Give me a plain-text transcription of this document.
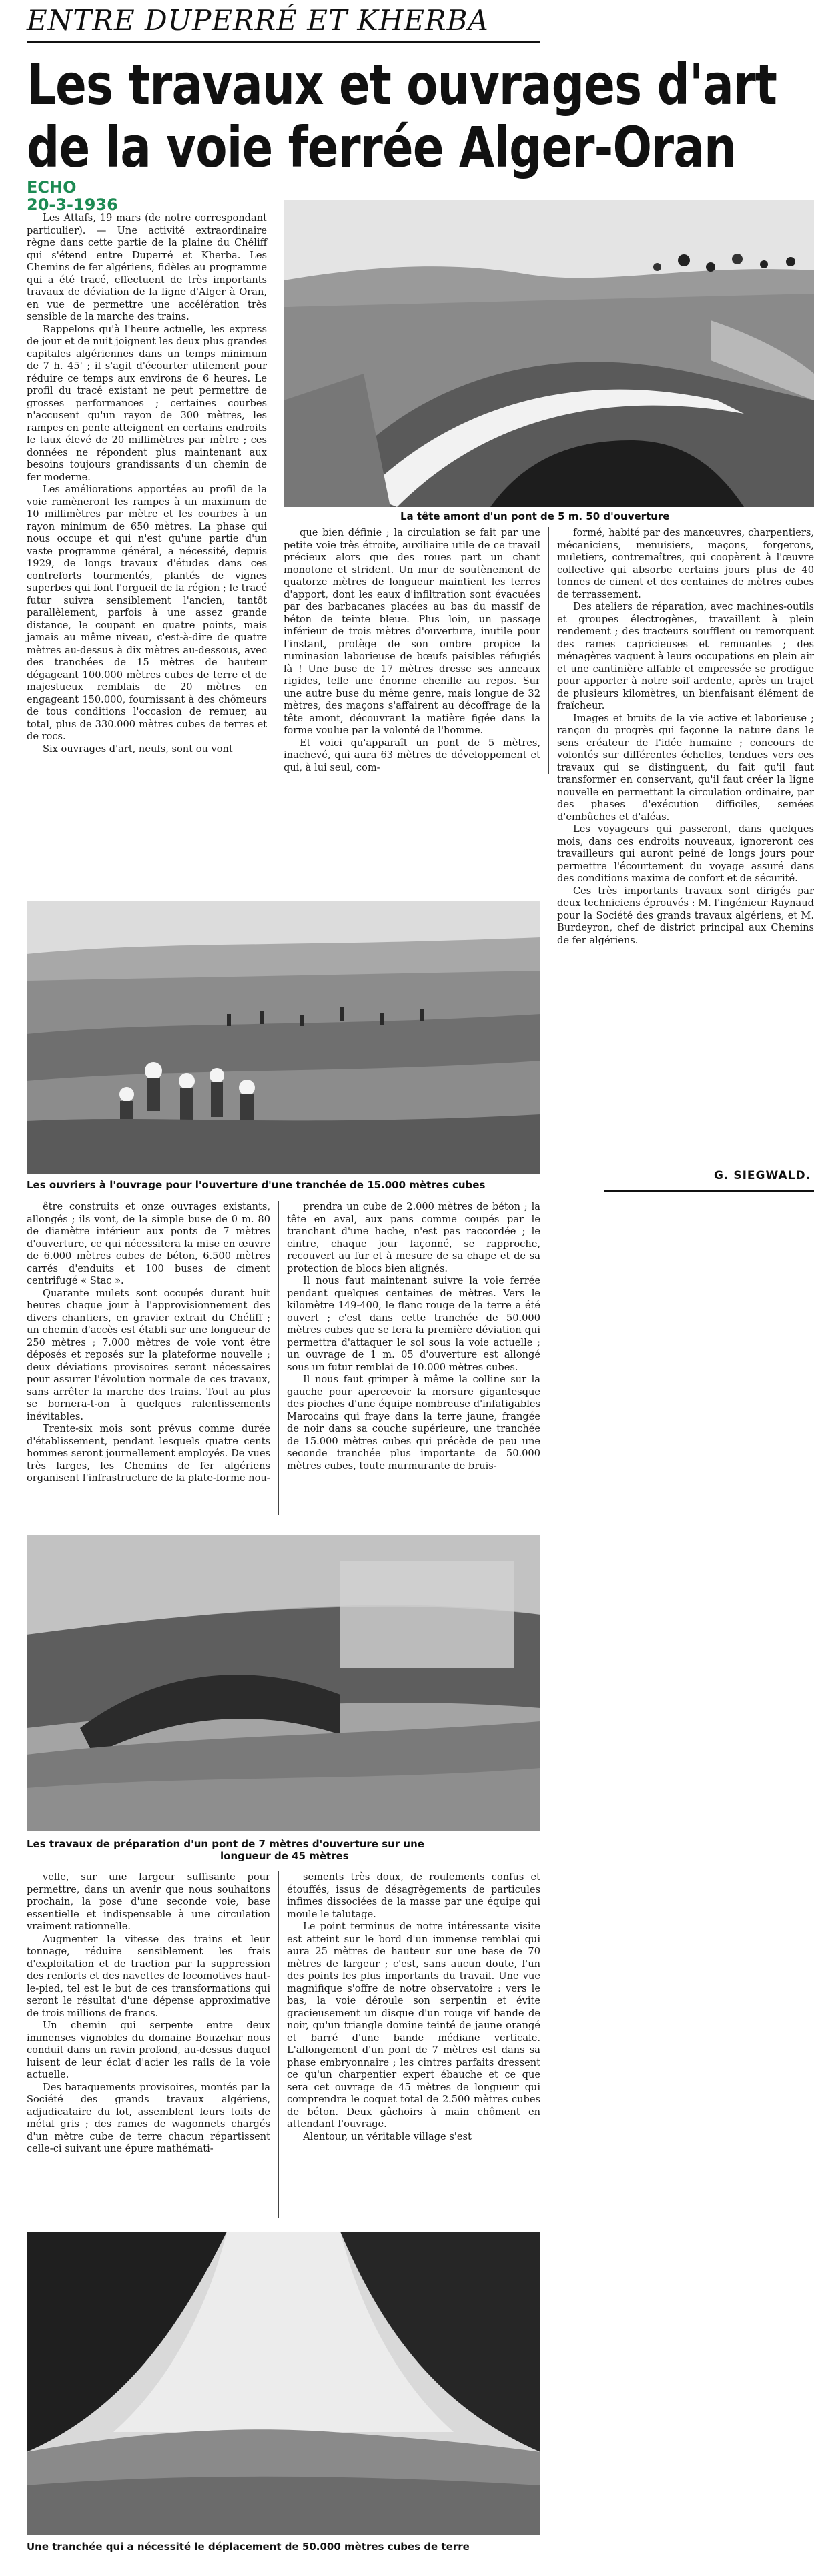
ENTRE DUPERRÉ ET KHERBA
Les travaux et ouvrages d'art
de la voie ferrée Alger-Oran
ECHO
20-3-1936

Les Attafs, 19 mars (de notre correspondant particulier). — Une activité extraordinaire règne dans cette partie de la plaine du Chéliff qui s'étend entre Duperré et Kherba. Les Chemins de fer algériens, fidèles au programme qui a été tracé, effectuent de très importants travaux de déviation de la ligne d'Alger à Oran, en vue de permettre une accélération très sensible de la marche des trains.

Rappelons qu'à l'heure actuelle, les express de jour et de nuit joignent les deux plus grandes capitales algériennes dans un temps minimum de 7 h. 45' ; il s'agit d'écourter utilement pour réduire ce temps aux environs de 6 heures. Le profil du tracé existant ne peut permettre de grosses performances ; certaines courbes n'accusent qu'un rayon de 300 mètres, les rampes en pente atteignent en certains endroits le taux élevé de 20 millimètres par mètre ; ces données ne répondent plus maintenant aux besoins toujours grandissants d'un chemin de fer moderne.

Les améliorations apportées au profil de la voie ramèneront les rampes à un maximum de 10 millimètres par mètre et les courbes à un rayon minimum de 650 mètres. La phase qui nous occupe et qui n'est qu'une partie d'un vaste programme général, a nécessité, depuis 1929, de longs travaux d'études dans ces contreforts tourmentés, plantés de vignes superbes qui font l'orgueil de la région ; le tracé futur suivra sensiblement l'ancien, tantôt parallèlement, parfois à une assez grande distance, le coupant en quatre points, mais jamais au même niveau, c'est-à-dire de quatre mètres au-dessus à dix mètres au-dessous, avec des tranchées de 15 mètres de hauteur dégageant 100.000 mètres cubes de terre et de majestueux remblais de 20 mètres en engageant 150.000, fournissant à des chômeurs de tous conditions l'occasion de remuer, au total, plus de 330.000 mètres cubes de terres et de rocs.

Six ouvrages d'art, neufs, sont ou vont

La tête amont d'un pont de 5 m. 50 d'ouverture

que bien définie ; la circulation se fait par une petite voie très étroite, auxiliaire utile de ce travail précieux alors que des roues part un chant monotone et strident. Un mur de soutènement de quatorze mètres de longueur maintient les terres d'apport, dont les eaux d'infiltration sont évacuées par des barbacanes placées au bas du massif de béton de teinte bleue. Plus loin, un passage inférieur de trois mètres d'ouverture, inutile pour l'instant, protège de son ombre propice la ruminasion laborieuse de bœufs paisibles réfugiés là ! Une buse de 17 mètres dresse ses anneaux rigides, telle une énorme chenille au repos. Sur une autre buse du même genre, mais longue de 32 mètres, des maçons s'affairent au décoffrage de la tête amont, découvrant la matière figée dans la forme voulue par la volonté de l'homme.

Et voici qu'apparaît un pont de 5 mètres, inachevé, qui aura 63 mètres de développement et qui, à lui seul, com-

formé, habité par des manœuvres, charpentiers, mécaniciens, menuisiers, maçons, forgerons, muletiers, contremaîtres, qui coopèrent à l'œuvre collective qui absorbe certains jours plus de 40 tonnes de ciment et des centaines de mètres cubes de terrassement.

Des ateliers de réparation, avec machines-outils et groupes électrogènes, travaillent à plein rendement ; des tracteurs soufflent ou remorquent des rames capricieuses et remuantes ; des ménagères vaquent à leurs occupations en plein air et une cantinière affable et empressée se prodigue pour apporter à notre soif ardente, après un trajet de plusieurs kilomètres, un bienfaisant élément de fraîcheur.

Images et bruits de la vie active et laborieuse ; rançon du progrès qui façonne la nature dans le sens créateur de l'idée humaine ; concours de volontés sur différentes échelles, tendues vers ces travaux qui se distinguent, du fait qu'il faut transformer en conservant, qu'il faut créer la ligne nouvelle en permettant la circulation ordinaire, par des phases d'exécution difficiles, semées d'embûches et d'aléas.

Les voyageurs qui passeront, dans quelques mois, dans ces endroits nouveaux, ignoreront ces travailleurs qui auront peiné de longs jours pour permettre l'écourtement du voyage assuré dans des conditions maxima de confort et de sécurité.

Ces très importants travaux sont dirigés par deux techniciens éprouvés : M. l'ingénieur Raynaud pour la Société des grands travaux algériens, et M. Burdeyron, chef de district principal aux Chemins de fer algériens.

G. SIEGWALD.
Les ouvriers à l'ouvrage pour l'ouverture d'une tranchée de 15.000 mètres cubes

être construits et onze ouvrages existants, allongés ; ils vont, de la simple buse de 0 m. 80 de diamètre intérieur aux ponts de 7 mètres d'ouverture, ce qui nécessitera la mise en œuvre de 6.000 mètres cubes de béton, 6.500 mètres carrés d'enduits et 100 buses de ciment centrifugé « Stac ».

Quarante mulets sont occupés durant huit heures chaque jour à l'approvisionnement des divers chantiers, en gravier extrait du Chéliff ; un chemin d'accès est établi sur une longueur de 250 mètres ; 7.000 mètres de voie vont être déposés et reposés sur la plateforme nouvelle ; deux déviations provisoires seront nécessaires pour assurer l'évolution normale de ces travaux, sans arrêter la marche des trains. Tout au plus se bornera-t-on à quelques ralentissements inévitables.

Trente-six mois sont prévus comme durée d'établissement, pendant lesquels quatre cents hommes seront journellement employés. De vues très larges, les Chemins de fer algériens organisent l'infrastructure de la plate-forme nou-

prendra un cube de 2.000 mètres de béton ; la tête en aval, aux pans comme coupés par le tranchant d'une hache, n'est pas raccordée ; le cintre, chaque jour façonné, se rapproche, recouvert au fur et à mesure de sa chape et de sa protection de blocs bien alignés.

Il nous faut maintenant suivre la voie ferrée pendant quelques centaines de mètres. Vers le kilomètre 149-400, le flanc rouge de la terre a été ouvert ; c'est dans cette tranchée de 50.000 mètres cubes que se fera la première déviation qui permettra d'attaquer le sol sous la voie actuelle ; un ouvrage de 1 m. 05 d'ouverture est allongé sous un futur remblai de 10.000 mètres cubes.

Il nous faut grimper à même la colline sur la gauche pour apercevoir la morsure gigantesque des pioches d'une équipe nombreuse d'infatigables Marocains qui fraye dans la terre jaune, frangée de noir dans sa couche supérieure, une tranchée de 15.000 mètres cubes qui précède de peu une seconde tranchée plus importante de 50.000 mètres cubes, toute murmurante de bruis-

Les travaux de préparation d'un pont de 7 mètres d'ouverture sur une
longueur de 45 mètres

velle, sur une largeur suffisante pour permettre, dans un avenir que nous souhaitons prochain, la pose d'une seconde voie, base essentielle et indispensable à une circulation vraiment rationnelle.

Augmenter la vitesse des trains et leur tonnage, réduire sensiblement les frais d'exploitation et de traction par la suppression des renforts et des navettes de locomotives haut-le-pied, tel est le but de ces transformations qui seront le résultat d'une dépense approximative de trois millions de francs.

Un chemin qui serpente entre deux immenses vignobles du domaine Bouzehar nous conduit dans un ravin profond, au-dessus duquel luisent de leur éclat d'acier les rails de la voie actuelle.

Des baraquements provisoires, montés par la Société des grands travaux algériens, adjudicataire du lot, assemblent leurs toits de métal gris ; des rames de wagonnets chargés d'un mètre cube de terre chacun répartissent celle-ci suivant une épure mathémati-

sements très doux, de roulements confus et étouffés, issus de désagrègements de particules infimes dissociées de la masse par une équipe qui moule le talutage.

Le point terminus de notre intéressante visite est atteint sur le bord d'un immense remblai qui aura 25 mètres de hauteur sur une base de 70 mètres de largeur ; c'est, sans aucun doute, l'un des points les plus importants du travail. Une vue magnifique s'offre de notre observatoire : vers le bas, la voie déroule son serpentin et évite gracieusement un disque d'un rouge vif bande de noir, qu'un triangle domine teinté de jaune orangé et barré d'une bande médiane verticale. L'allongement d'un pont de 7 mètres est dans sa phase embryonnaire ; les cintres parfaits dressent ce qu'un charpentier expert ébauche et ce que sera cet ouvrage de 45 mètres de longueur qui comprendra le coquet total de 2.500 mètres cubes de béton. Deux gâchoirs à main chôment en attendant l'ouvrage.

Alentour, un véritable village s'est

Une tranchée qui a nécessité le déplacement de 50.000 mètres cubes de terre
